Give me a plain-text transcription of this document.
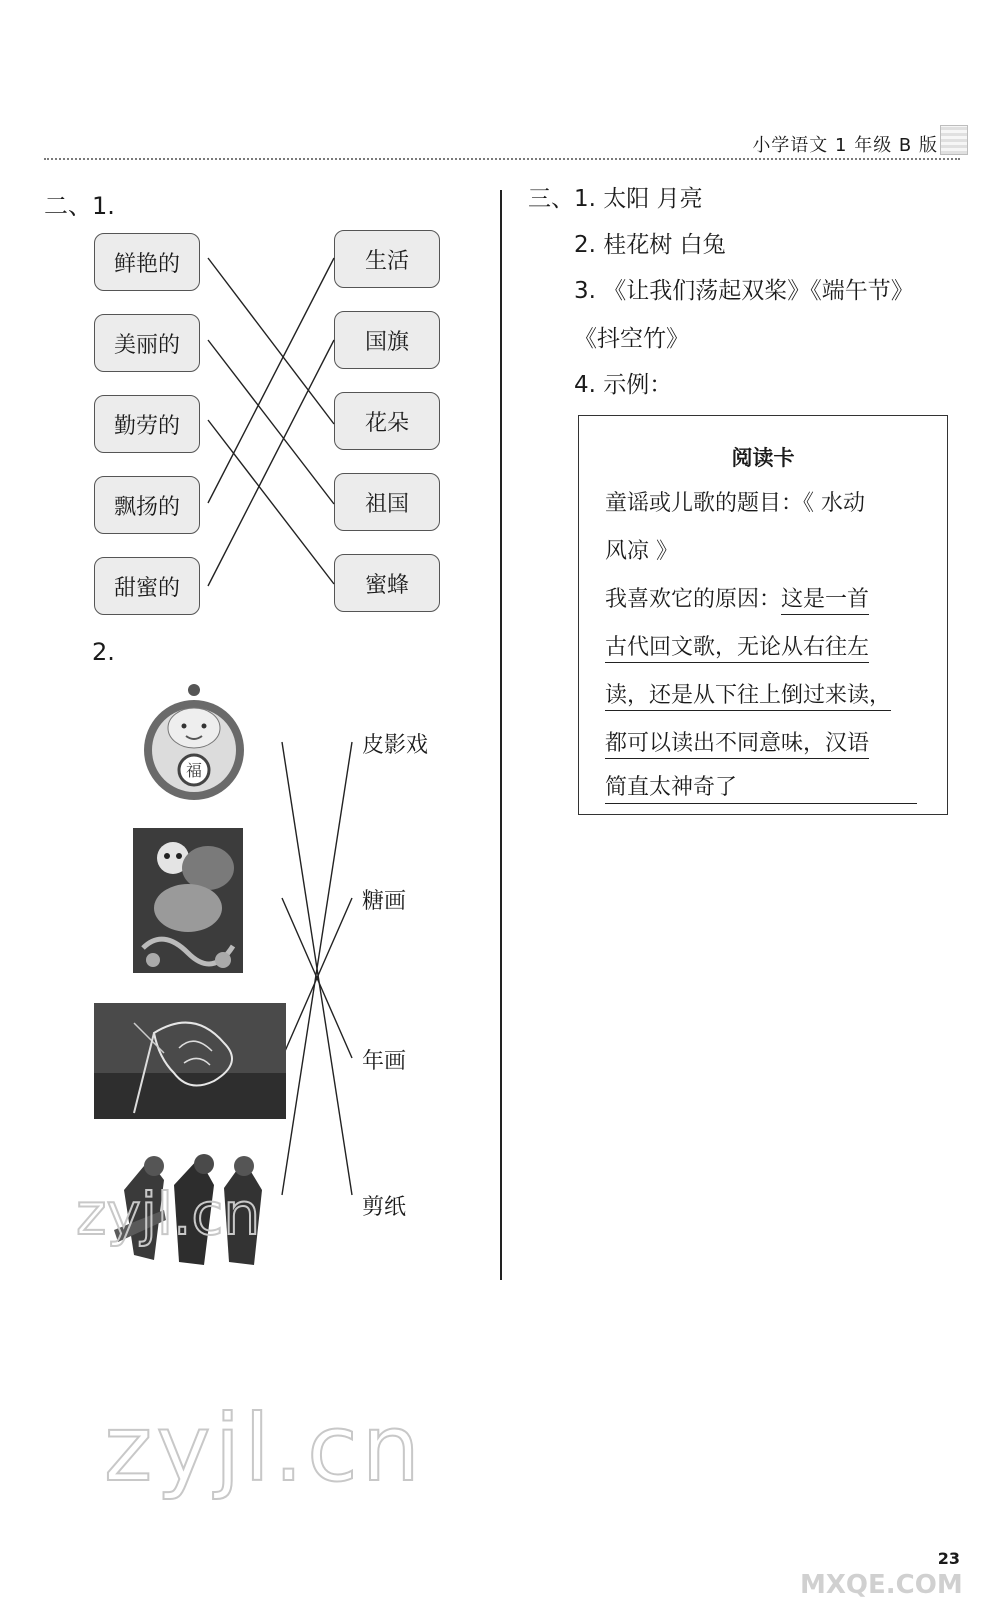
小学语文 1 年级 B 版
二、1.
鲜艳的
美丽的
勤劳的
飘扬的
甜蜜的
生活
国旗
花朵
祖国
蜜蜂
2.
福
zyjl.cn
皮影戏
糖画
年画
剪纸
三、1. 太阳 月亮
2. 桂花树 白兔
3. 《让我们荡起双桨》《端午节》
《抖空竹》
4. 示例：
阅读卡
童谣或儿歌的题目：《 水动
风凉 》
我喜欢它的原因：这是一首
古代回文歌，无论从右往左
读，还是从下往上倒过来读，
都可以读出不同意味，汉语
简直太神奇了
zyjl.cn
MXQE.COM
23
